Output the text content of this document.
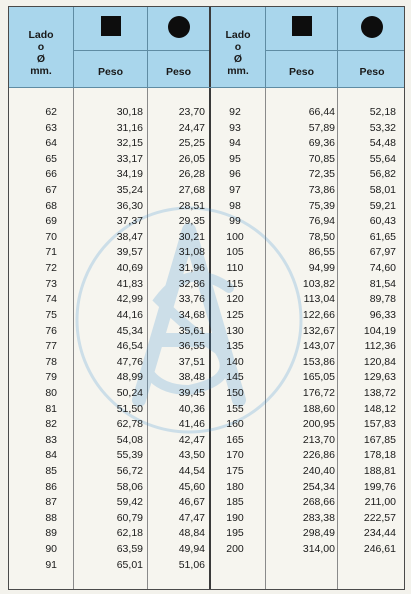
Lado
o
Ø
mm.	Peso	Peso
Lado
o
Ø
mm.	Peso	Peso
62	30,18	23,70	92	66,44	52,18
63	31,16	24,47	93	57,89	53,32
64	32,15	25,25	94	69,36	54,48
65	33,17	26,05	95	70,85	55,64
66	34,19	26,28	96	72,35	56,82
67	35,24	27,68	97	73,86	58,01
68	36,30	28,51	98	75,39	59,21
69	37,37	29,35	99	76,94	60,43
70	38,47	30,21	100	78,50	61,65
71	39,57	31,08	105	86,55	67,97
72	40,69	31,96	110	94,99	74,60
73	41,83	32,86	115	103,82	81,54
74	42,99	33,76	120	113,04	89,78
75	44,16	34,68	125	122,66	96,33
76	45,34	35,61	130	132,67	104,19
77	46,54	36,55	135	143,07	112,36
78	47,76	37,51	140	153,86	120,84
79	48,99	38,48	145	165,05	129,63
80	50,24	39,45	150	176,72	138,72
81	51,50	40,36	155	188,60	148,12
82	62,78	41,46	160	200,95	157,83
83	54,08	42,47	165	213,70	167,85
84	55,39	43,50	170	226,86	178,18
85	56,72	44,54	175	240,40	188,81
86	58,06	45,60	180	254,34	199,76
87	59,42	46,67	185	268,66	211,00
88	60,79	47,47	190	283,38	222,57
89	62,18	48,84	195	298,49	234,44
90	63,59	49,94	200	314,00	246,61
91	65,01	51,06
